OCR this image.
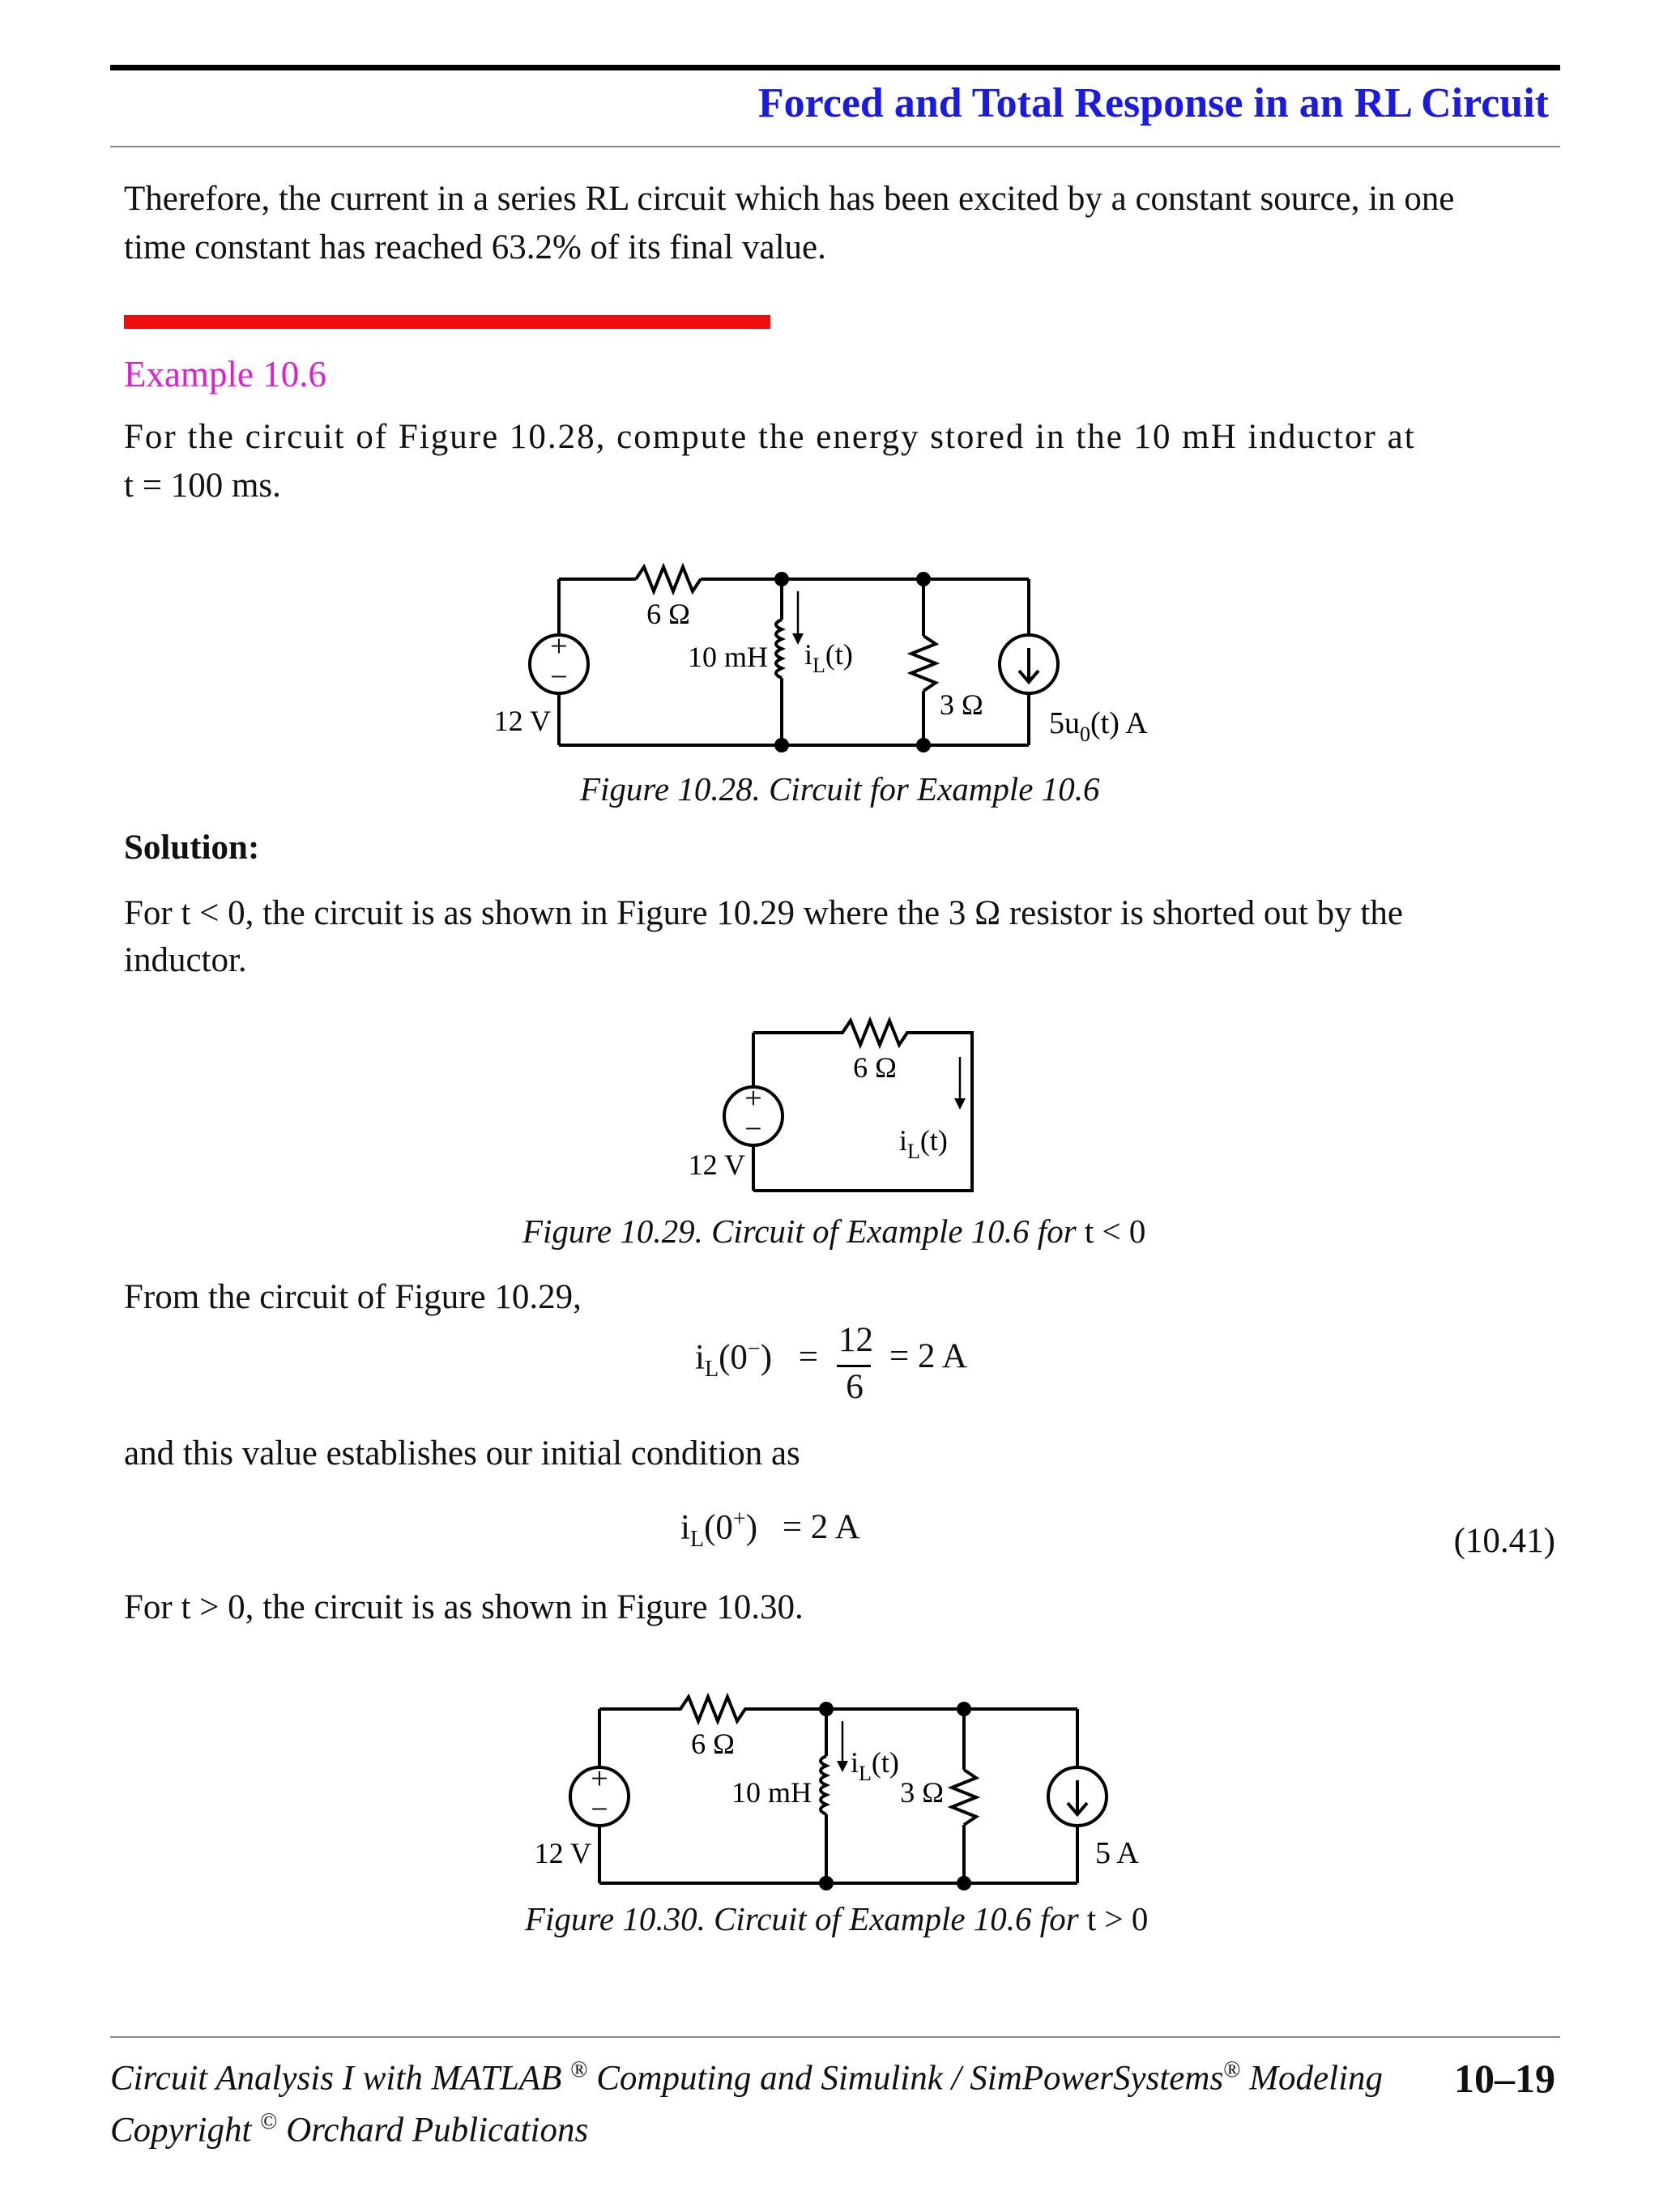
Forced and Total Response in an RL Circuit
Therefore, the current in a series RL circuit which has been excited by a constant source, in one
time constant has reached 63.2% of its final value.
Example 10.6
For the circuit of Figure 10.28, compute the energy stored in the 10 mH inductor at
t = 100 ms.
+
−
6 Ω
10 mH $i_L(t)$
3 Ω
12 V	$5u_0(t)$ A
Figure 10.28. Circuit for Example 10.6
Solution:
For t < 0, the circuit is as shown in Figure 10.29 where the 3 Ω resistor is shorted out by the
inductor.
+
−
6 Ω
$i_L(t)$
12 V
Figure 10.29. Circuit of Example 10.6 for t < 0
From the circuit of Figure 10.29,
$i_L(0^-) = 12$
6
= 2 A
and this value establishes our initial condition as
$i_L(0^+) = 2$ A	(10.41)
For t > 0, the circuit is as shown in Figure 10.30.
+
−
6 Ω
10 mH
$i_L(t)$
3 Ω
12 V	5 A
Figure 10.30. Circuit of Example 10.6 for t > 0
Circuit Analysis I with MATLAB ® Computing and Simulink / SimPowerSystems® Modeling 10–19
Copyright © Orchard Publications
